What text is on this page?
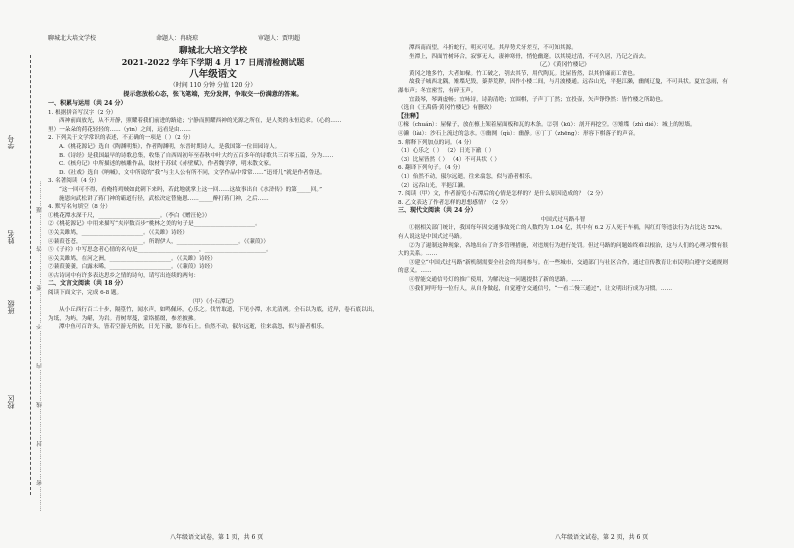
聊城北大培文学校	命题人：冉晓琼	审题人：贾明超
学号
姓名
班级
校区	…………密……………封……………线……………内……………不……………要……………答……………题…………
聊城北大培文学校
2021-2022 学年下学期 4 月 17 日周清检测试题
八年级语文
（时间 110 分钟 分值 120 分）
提示您放松心态，张飞笔端，充分发挥，争取交一份满意的答案。
一、积累与运用（共 24 分）
1. 根据拼音写汉字（2 分）
西神前面放光，从不开静，照耀着我们前进的路途；宁静而照耀西神的光源之所在，是人类的永恒追求。（心的……
里）一朵朵的荷花轻轻的……（yīn）之间，远看是由……
2. 下列关于文学常识的表述，不正确的一项是（ ）（2 分）
A.《桃花源记》选自《陶渊明集》，作者陶渊明，东晋时期诗人，是我国第一位田园诗人。
B.《诗经》是我国最早的诗歌总集，收集了自西周初年至春秋中叶大约五百多年的诗歌共三百零五篇，分为……
C.《核舟记》中所描述的核雕作品，取材于苏轼《赤壁赋》，作者魏学洢，明末散文家。
D.《社戏》选自《呐喊》，文中所说的“我”与主人公有所不同，文学作品中常常……“迅哥儿”就是作者鲁迅。
3. 名著阅读（4 分）
“这一回可不得，看俺将鸡贼如此刺下来吗，若此地就掌上这一回……这故事出自《水浒传》的第_____回。”
施恩向武松讲了蒋门神的霸道行径，武松决定替施恩……_____醉打蒋门神，之后……
4. 默写名句填空（8 分）
①桃花潭水深千尺，______________________。（李白《赠汪伦》）
②《桃花源记》中用来描写“夹岸数百步”桃林之美的句子是______________________。
③关关雎鸠，______________________。（《关雎》诗经）
④蒹葭苍苍，______________________。所谓伊人，______________________。（《蒹葭》）
⑤《子衿》中写思念者心情的名句是______________________，______________________。
⑥关关雎鸠，在河之洲，______________________。（《关雎》诗经）
⑦蒹葭萋萋，白露未晞，______________________。（《蒹葭》诗经）
⑧古诗词中有许多表达思乡之情的诗句，请写出连续的两句：
二、文言文阅读（共 18 分）
阅读下面文字，完成 6-8 题。
（甲）《小石潭记》
从小丘西行百二十步，隔篁竹，闻水声，如鸣佩环，心乐之。伐竹取道，下见小潭，水尤清冽。全石以为底，近岸，卷石底以出，为坻，为屿，为嵁，为岩。青树翠蔓，蒙络摇缀，参差披拂。
潭中鱼可百许头，皆若空游无所依，日光下澈，影布石上。佁然不动，俶尔远逝，往来翕忽，似与游者相乐。
潭西南而望，斗折蛇行，明灭可见。其岸势犬牙差互，不可知其源。
坐潭上，四面竹树环合，寂寥无人，凄神寒骨，悄怆幽邃。以其境过清，不可久居，乃记之而去。
（乙）《黄冈竹楼记》
黄冈之地多竹，大者如椽。竹工破之，刳去其节，用代陶瓦。比屋皆然，以其价廉而工省也。
故我子城西北隅，雉堞圮毁，蓁莽荒秽，因作小楼二间，与月波楼通。远吞山光，平挹江濑，幽阒辽夐，不可具状。夏宜急雨，有瀑布声；冬宜密雪，有碎玉声。
宜鼓琴，琴调虚畅；宜咏诗，诗韵清绝；宜围棋，子声丁丁然；宜投壶，矢声铮铮然：皆竹楼之所助也。
（选自《王禹偁·黄冈竹楼记》有删改）
【注释】
①椽（chuán）：屋椽子，放在檩上架着屋面板和瓦的木条。②刳（kū）：剖开再挖空。③雉堞（zhì dié）：城上的短墙。
④濑（lài）：沙石上流过的急水。⑤幽阒（qù）：幽静。⑥丁丁（zhēng）：形容下棋落子的声音。
5. 解释下列加点的词。（4 分）
（1）心乐之（ ） （2）日光下澈（ ）
（3）比屋皆然（ ） （4）不可具状（ ）
6. 翻译下列句子。（4 分）
（1）佁然不动，俶尔远逝，往来翕忽，似与游者相乐。
（2）远吞山光，平挹江濑。
7. 阅读（甲）文，作者游览小石潭后的心情是怎样的？是什么原因造成的？（2 分）
8. 乙文表达了作者怎样的思想感情？（2 分）
三、现代文阅读（共 24 分）
中国式过马路斗智
①据相关部门统计，我国每年因交通事故死亡的人数约为 1.04 亿，其中有 6.2 万人死于车祸，闯红灯等违法行为占比达 52%。有人说这是中国式过马路。
②为了遏制这种现象，各地出台了许多管理措施，对违规行为进行处罚。但过马路的问题始终难以根治，这与人们的心理习惯有很大的关系。……
③建立“中国式过马路”新机制需要全社会的共同参与。在一些城市，交通部门与社区合作，通过宣传教育让市民明白遵守交通规则的意义。……
④智能交通信号灯的推广使用，为解决这一问题提供了新的思路。……
⑤我们呼吁每一位行人，从自身做起，自觉遵守交通信号，“一看二慢三通过”，让文明出行成为习惯。……
八年级语文试卷，第 1 页，共 6 页	八年级语文试卷，第 2 页，共 6 页
